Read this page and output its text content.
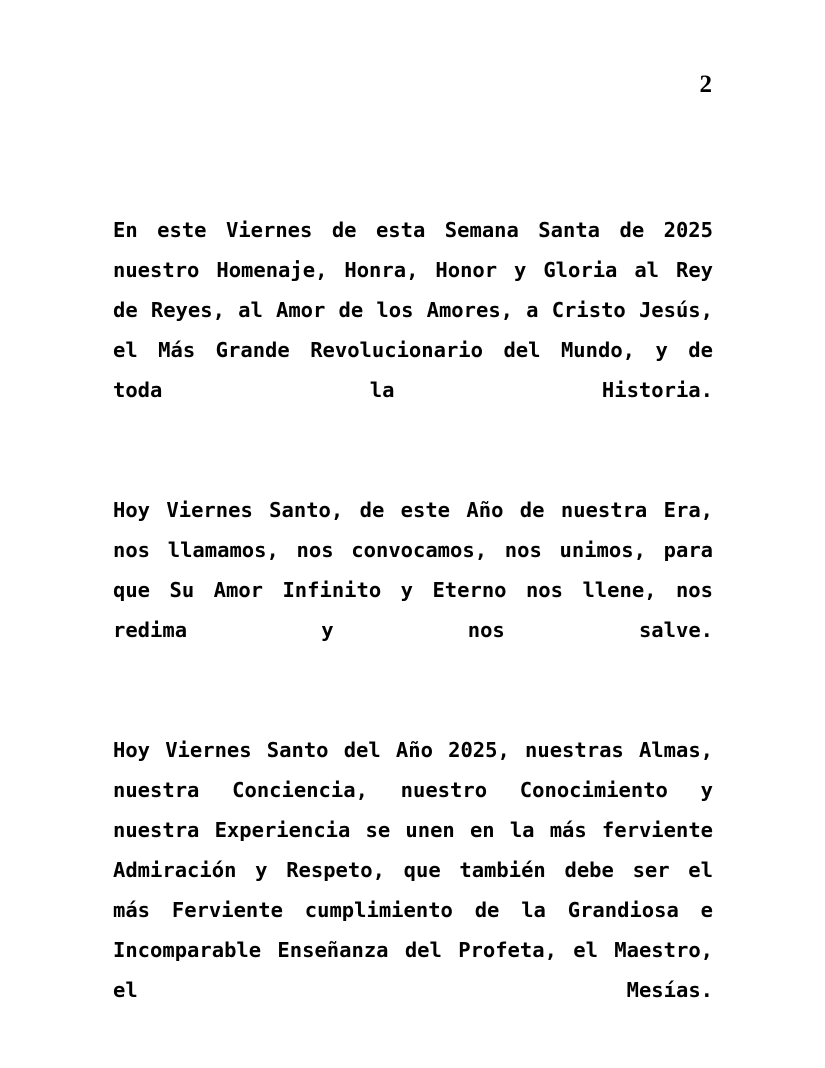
2

En este Viernes de esta Semana Santa de 2025 nuestro Homenaje, Honra, Honor y Gloria al Rey de Reyes, al Amor de los Amores, a Cristo Jesús, el Más Grande Revolucionario del Mundo, y de toda la Historia.

Hoy Viernes Santo, de este Año de nuestra Era, nos llamamos, nos convocamos, nos unimos, para que Su Amor Infinito y Eterno nos llene, nos redima y nos salve.

Hoy Viernes Santo del Año 2025, nuestras Almas, nuestra Conciencia, nuestro Conocimiento y nuestra Experiencia se unen en la más ferviente Admiración y Respeto, que también debe ser el más Ferviente cumplimiento de la Grandiosa e Incomparable Enseñanza del Profeta, el Maestro, el Mesías.
